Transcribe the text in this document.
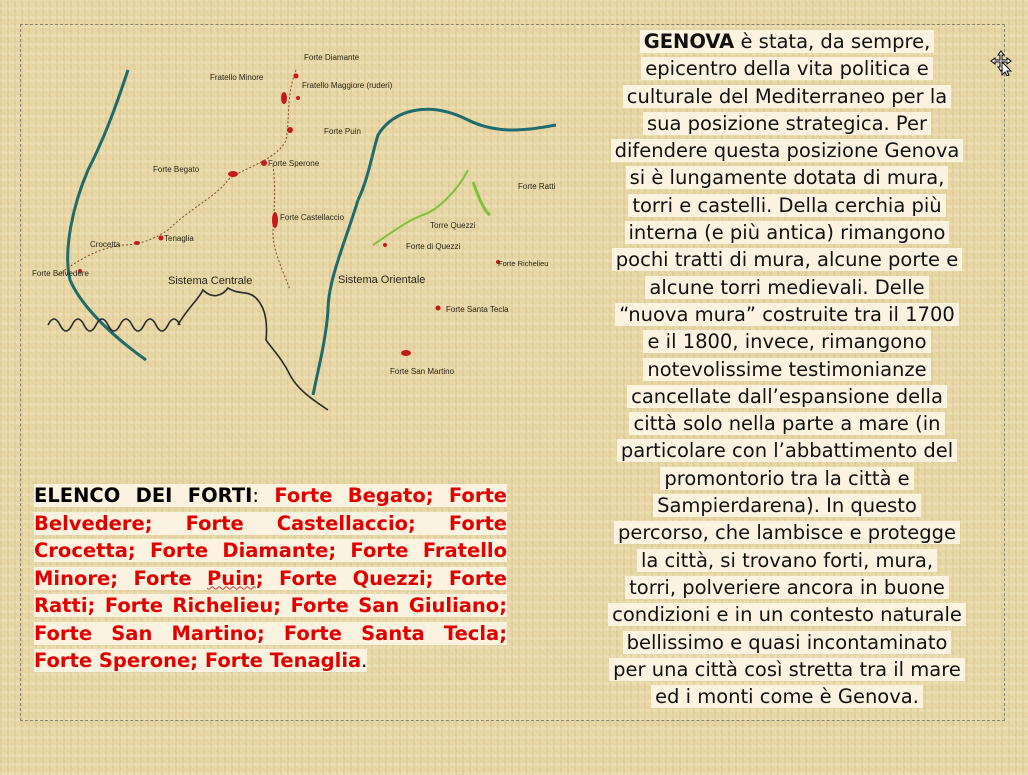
Forte Diamante
Fratello Minore
Fratello Maggiore (ruderi)
Forte Puin
Forte Begato
Forte Sperone
Forte Castellaccio
Tenaglia
Crocetta
Forte Belvedere
Sistema Centrale	Sistema Orientale
Forte Ratti
Torre Quezzi
Forte di Quezzi
Forte Richelieu
Forte Santa Tecla
Forte San Martino
GENOVA è stata, da sempre,
epicentro della vita politica e
culturale del Mediterraneo per la
sua posizione strategica. Per
difendere questa posizione Genova
si è lungamente dotata di mura,
torri e castelli. Della cerchia più
interna (e più antica) rimangono
pochi tratti di mura, alcune porte e
alcune torri medievali. Delle
“nuova mura” costruite tra il 1700
e il 1800, invece, rimangono
notevolissime testimonianze
cancellate dall’espansione della
città solo nella parte a mare (in
particolare con l’abbattimento del
promontorio tra la città e
Sampierdarena). In questo
percorso, che lambisce e protegge
la città, si trovano forti, mura,
torri, polveriere ancora in buone
condizioni e in un contesto naturale
bellissimo e quasi incontaminato
per una città così stretta tra il mare
ed i monti come è Genova.

ELENCO DEI FORTI: Forte Begato; Forte Belvedere; Forte Castellaccio; Forte Crocetta; Forte Diamante; Forte Fratello Minore; Forte Puin; Forte Quezzi; Forte Ratti; Forte Richelieu; Forte San Giuliano; Forte San Martino; Forte Santa Tecla; Forte Sperone; Forte Tenaglia.
